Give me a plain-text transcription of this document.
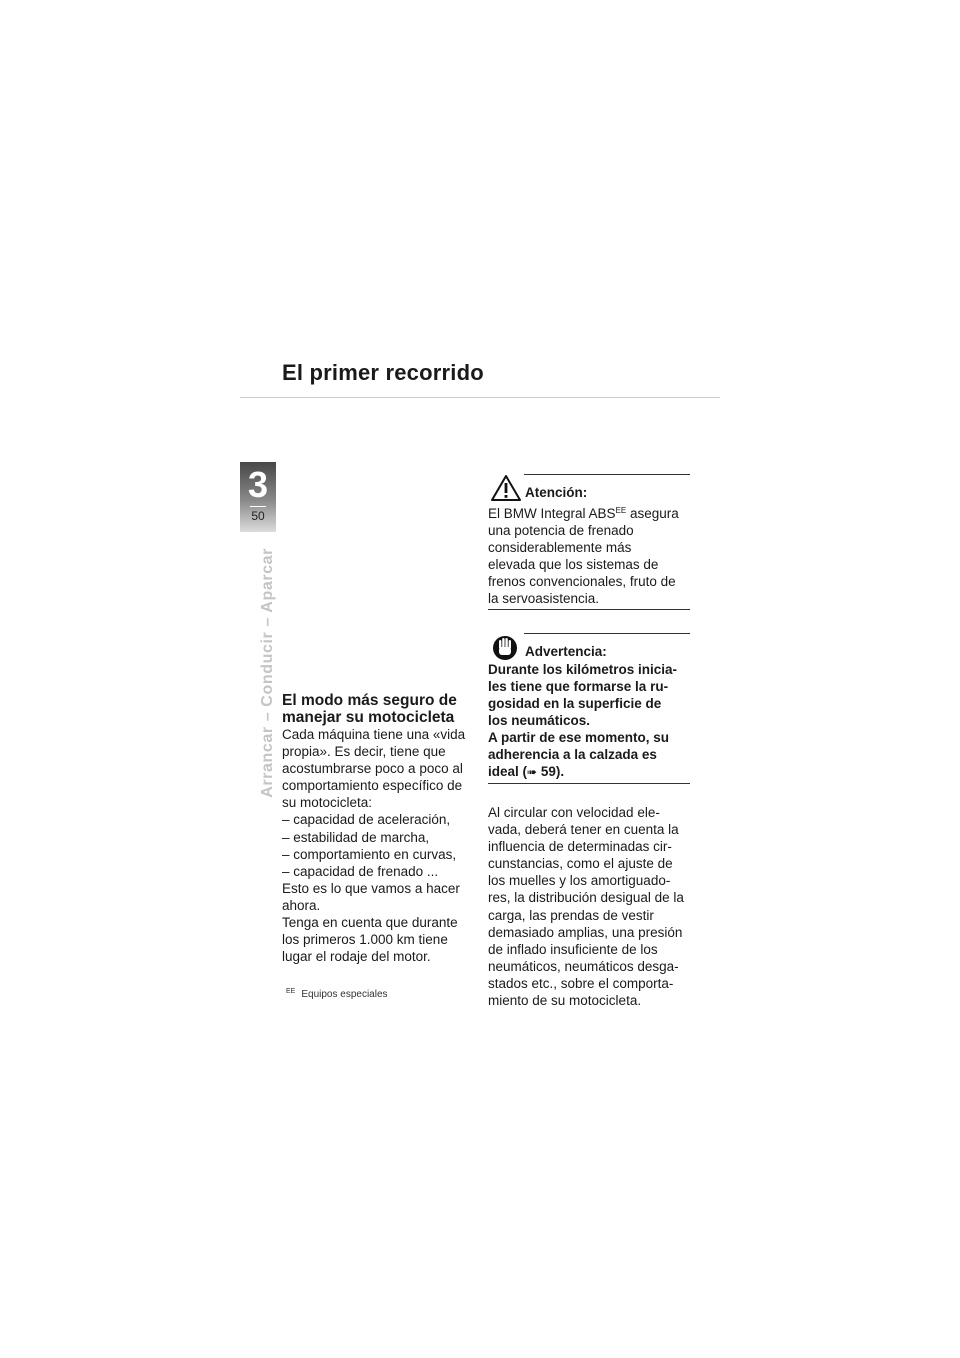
El primer recorrido
3
50
Arrancar – Conducir – Aparcar El modo más seguro de manejar su motocicleta
Cada máquina tiene una «vida
propia». Es decir, tiene que
acostumbrarse poco a poco al
comportamiento específico de
su motocicleta:
– capacidad de aceleración,
– estabilidad de marcha,
– comportamiento en curvas,
– capacidad de frenado ...
Esto es lo que vamos a hacer
ahora.
Tenga en cuenta que durante
los primeros 1.000 km tiene
lugar el rodaje del motor.
$^{EE}$ Equipos especiales
Atención:
El BMW Integral $ABS^{EE}$ asegura
una potencia de frenado
considerablemente más
elevada que los sistemas de
frenos convencionales, fruto de
la servoasistencia.
Advertencia:
Durante los kilómetros inicia-
les tiene que formarse la ru-
gosidad en la superficie de
los neumáticos.
A partir de ese momento, su
adherencia a la calzada es
ideal (➠ 59).
Al circular con velocidad ele-
vada, deberá tener en cuenta la
influencia de determinadas cir-
cunstancias, como el ajuste de
los muelles y los amortiguado-
res, la distribución desigual de la
carga, las prendas de vestir
demasiado amplias, una presión
de inflado insuficiente de los
neumáticos, neumáticos desga-
stados etc., sobre el comporta-
miento de su motocicleta.
